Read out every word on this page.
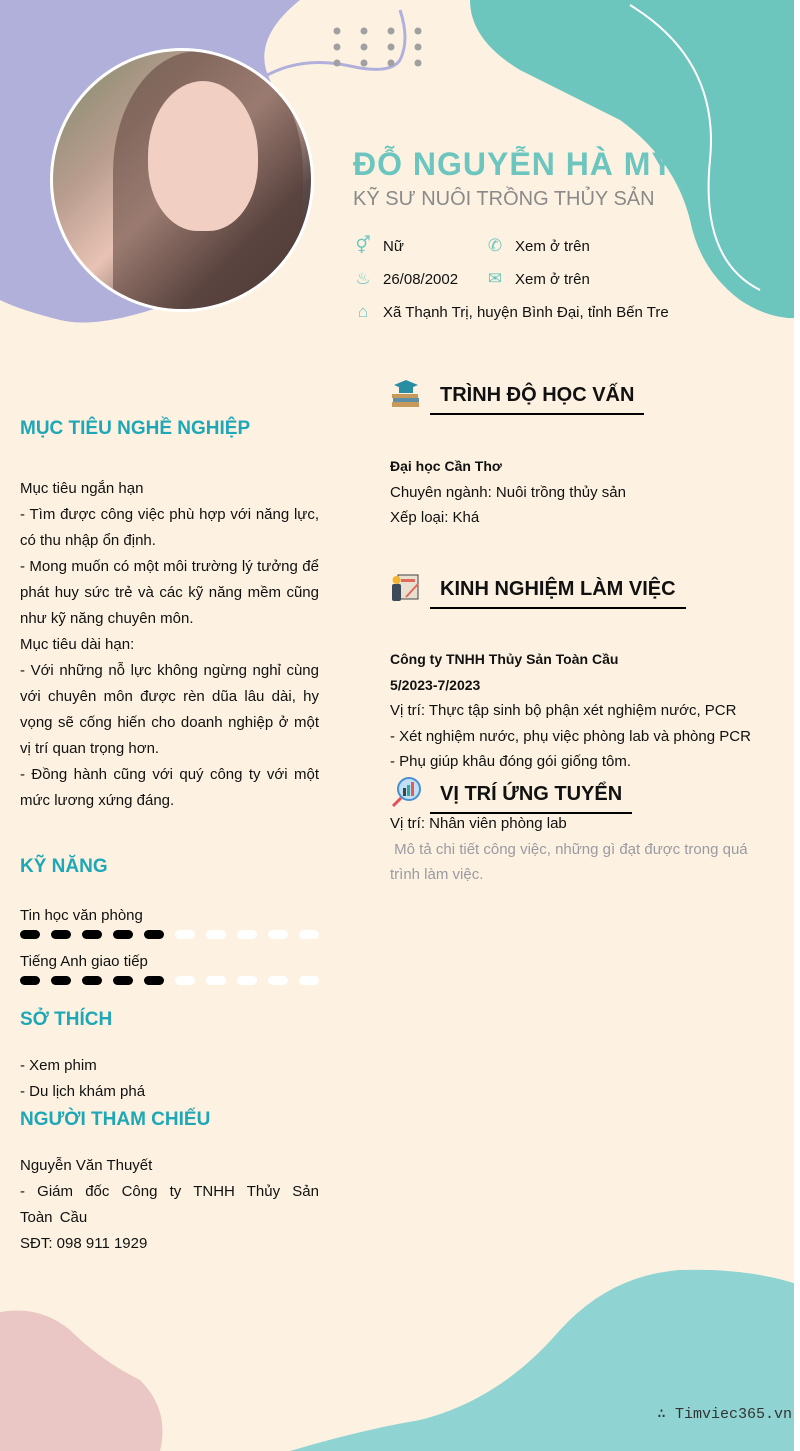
ĐỖ NGUYỄN HÀ MY
KỸ SƯ NUÔI TRỒNG THỦY SẢN
⚥ Nữ	✆ Xem ở trên
♨ 26/08/2002 ✉ Xem ở trên
⌂ Xã Thạnh Trị, huyện Bình Đại, tỉnh Bến Tre
MỤC TIÊU NGHỀ NGHIỆP
Mục tiêu ngắn hạn
- Tìm được công việc phù hợp với năng lực, có thu nhập ổn định.
- Mong muốn có một môi trường lý tưởng để phát huy sức trẻ và các kỹ năng mềm cũng như kỹ năng chuyên môn.
Mục tiêu dài hạn:
- Với những nỗ lực không ngừng nghỉ cùng với chuyên môn được rèn dũa lâu dài, hy vọng sẽ cống hiến cho doanh nghiệp ở một vị trí quan trọng hơn.
- Đồng hành cũng với quý công ty với một mức lương xứng đáng.
KỸ NĂNG
Tin học văn phòng
Tiếng Anh giao tiếp
SỞ THÍCH
- Xem phim
- Du lịch khám phá
NGƯỜI THAM CHIẾU
Nguyễn Văn Thuyết
- Giám đốc Công ty TNHH Thủy Sản Toàn Cầu
SĐT: 098 911 1929
TRÌNH ĐỘ HỌC VẤN
Đại học Cần Thơ
Chuyên ngành: Nuôi trồng thủy sản
Xếp loại: Khá
KINH NGHIỆM LÀM VIỆC
Công ty TNHH Thủy Sản Toàn Cầu
5/2023-7/2023
Vị trí: Thực tập sinh bộ phận xét nghiệm nước, PCR
- Xét nghiệm nước, phụ việc phòng lab và phòng PCR
- Phụ giúp khâu đóng gói giống tôm.
VỊ TRÍ ỨNG TUYỂN
Vị trí: Nhân viên phòng lab
Mô tả chi tiết công việc, những gì đạt được trong quá trình làm việc.
∴ Timviec365.vn
